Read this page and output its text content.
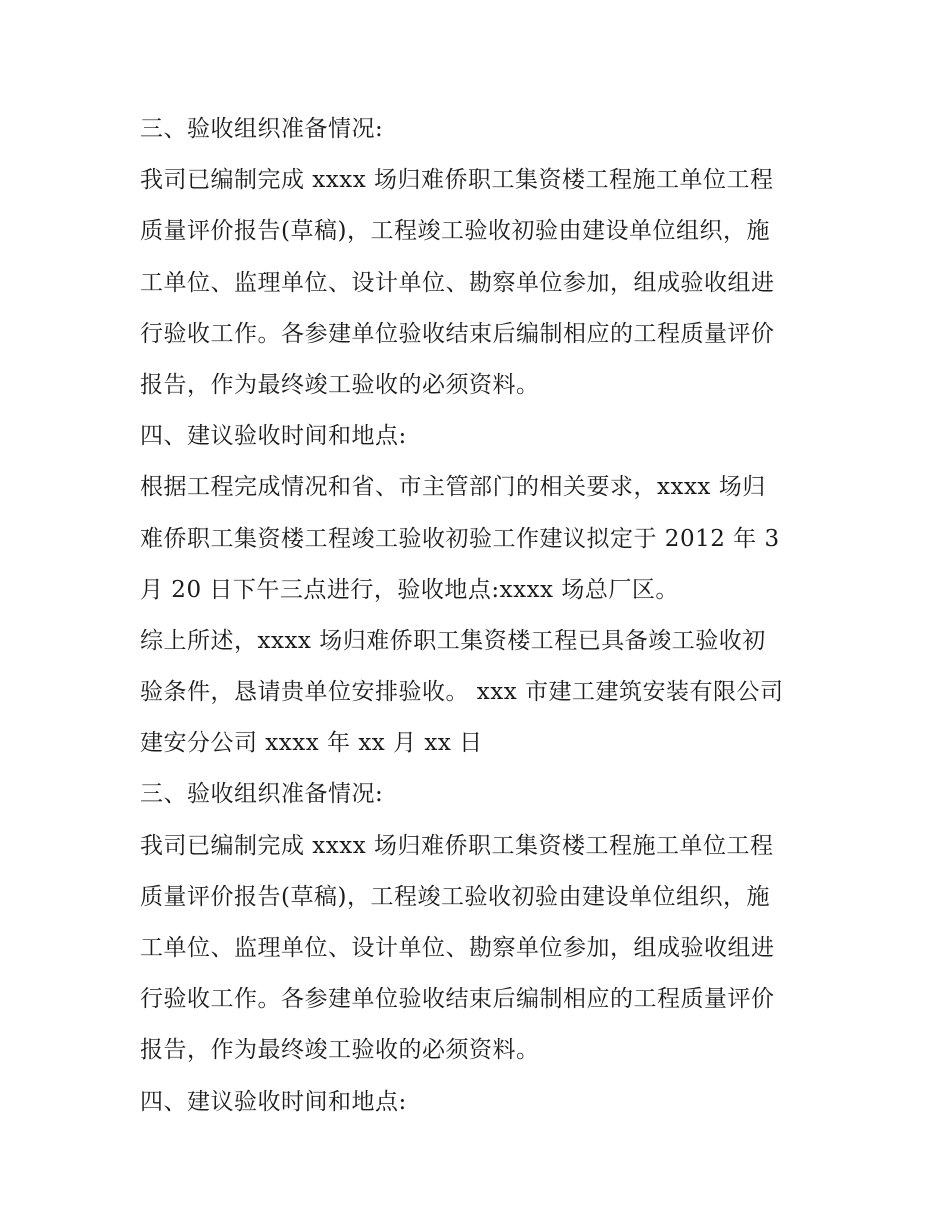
三、验收组织准备情况:
我司已编制完成 xxxx 场归难侨职工集资楼工程施工单位工程
质量评价报告(草稿)，工程竣工验收初验由建设单位组织，施
工单位、监理单位、设计单位、勘察单位参加，组成验收组进
行验收工作。各参建单位验收结束后编制相应的工程质量评价
报告，作为最终竣工验收的必须资料。
四、建议验收时间和地点:
根据工程完成情况和省、市主管部门的相关要求，xxxx 场归
难侨职工集资楼工程竣工验收初验工作建议拟定于 2012 年 3
月 20 日下午三点进行，验收地点:xxxx 场总厂区。
综上所述，xxxx 场归难侨职工集资楼工程已具备竣工验收初
验条件，恳请贵单位安排验收。 xxx 市建工建筑安装有限公司
建安分公司 xxxx 年 xx 月 xx 日
三、验收组织准备情况:
我司已编制完成 xxxx 场归难侨职工集资楼工程施工单位工程
质量评价报告(草稿)，工程竣工验收初验由建设单位组织，施
工单位、监理单位、设计单位、勘察单位参加，组成验收组进
行验收工作。各参建单位验收结束后编制相应的工程质量评价
报告，作为最终竣工验收的必须资料。
四、建议验收时间和地点:
